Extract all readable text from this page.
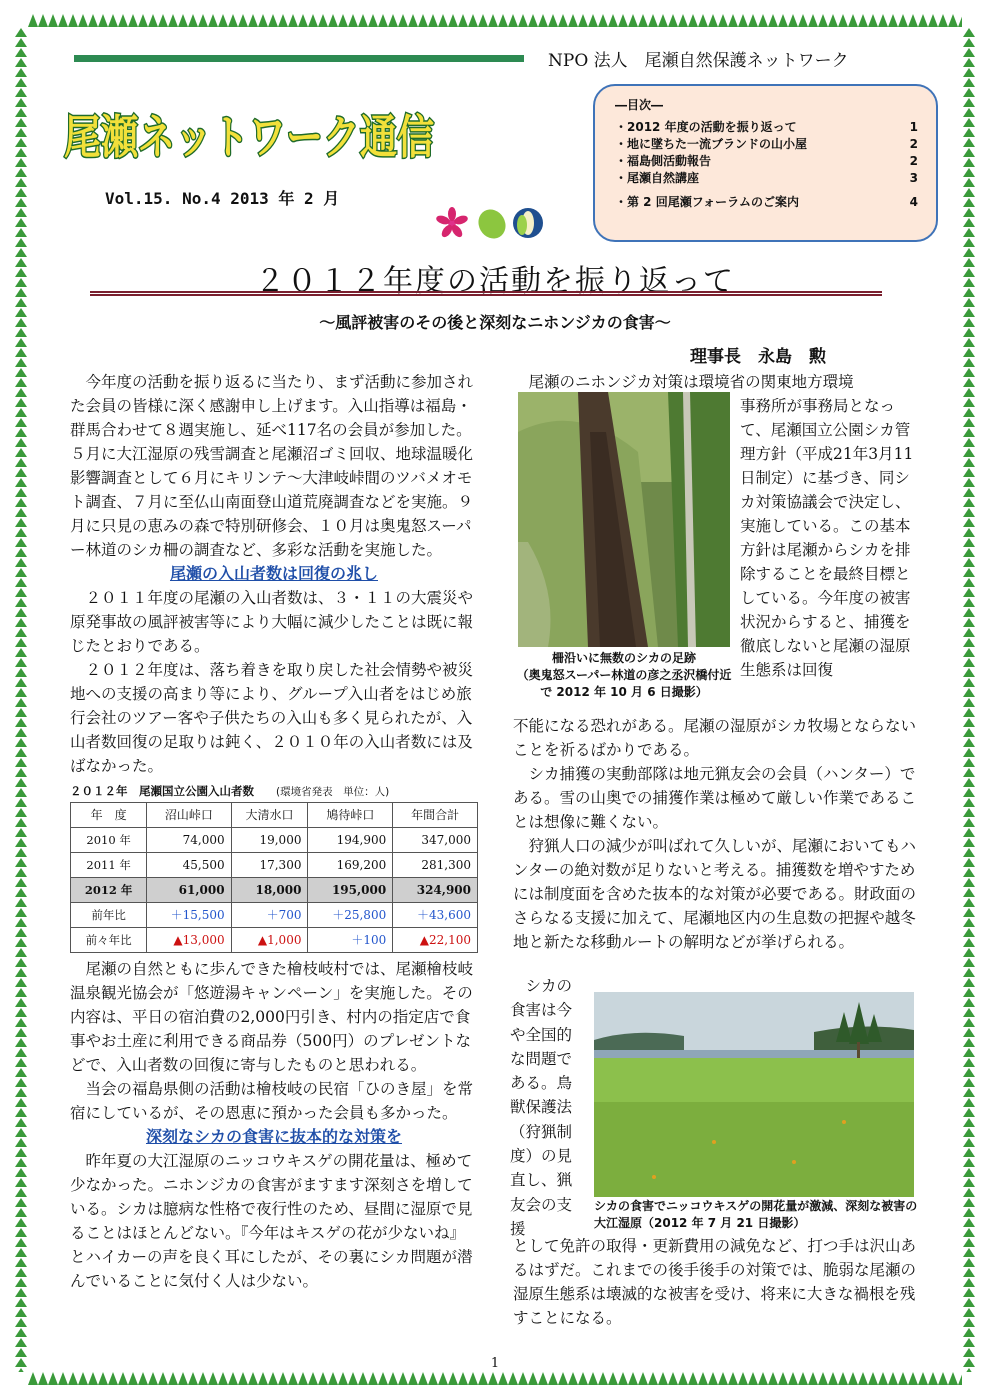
NPO 法人　尾瀬自然保護ネットワーク
尾瀬ネットワーク通信
Vol.15. No.4 2013 年 2 月
―目次―
・2012 年度の活動を振り返って	1
・地に墜ちた一流ブランドの山小屋	2
・福島側活動報告	2
・尾瀬自然講座	3
・第 2 回尾瀬フォーラムのご案内	4
２０１２年度の活動を振り返って
～風評被害のその後と深刻なニホンジカの食害～
理事長　永島　勲

今年度の活動を振り返るに当たり、まず活動に参加された会員の皆様に深く感謝申し上げます。入山指導は福島・群馬合わせて８週実施し、延べ117名の会員が参加した。５月に大江湿原の残雪調査と尾瀬沼ゴミ回収、地球温暖化影響調査として６月にキリンテ～大津岐峠間のツバメオモト調査、７月に至仏山南面登山道荒廃調査などを実施。９月に只見の恵みの森で特別研修会、１０月は奥鬼怒スーパー林道のシカ柵の調査など、多彩な活動を実施した。

尾瀬の入山者数は回復の兆し

２０１１年度の尾瀬の入山者数は、３・１１の大震災や原発事故の風評被害等により大幅に減少したことは既に報じたとおりである。

２０１２年度は、落ち着きを取り戻した社会情勢や被災地への支援の高まり等により、グループ入山者をはじめ旅行会社のツアー客や子供たちの入山も多く見られたが、入山者数回復の足取りは鈍く、２０１０年の入山者数には及ばなかった。

２０１２年　尾瀬国立公園入山者数 (環境省発表　単位：人)
年　度	沼山峠口	大清水口	鳩待峠口	年間合計
2010 年	74,000	19,000	194,900	347,000
2011 年	45,500	17,300	169,200	281,300
2012 年	61,000	18,000	195,000	324,900
前年比	＋15,500	＋700	＋25,800	＋43,600
前々年比	▲13,000	▲1,000	＋100	▲22,100

尾瀬の自然ともに歩んできた檜枝岐村では、尾瀬檜枝岐温泉観光協会が「悠遊湯キャンペーン」を実施した。その内容は、平日の宿泊費の2,000円引き、村内の指定店で食事やお土産に利用できる商品券（500円）のプレゼントなどで、入山者数の回復に寄与したものと思われる。

当会の福島県側の活動は檜枝岐の民宿「ひのき屋」を常宿にしているが、その恩恵に預かった会員も多かった。

深刻なシカの食害に抜本的な対策を

昨年夏の大江湿原のニッコウキスゲの開花量は、極めて少なかった。ニホンジカの食害がますます深刻さを増している。シカは臆病な性格で夜行性のため、昼間に湿原で見ることはほとんどない。『今年はキスゲの花が少ないね』とハイカーの声を良く耳にしたが、その裏にシカ問題が潜んでいることに気付く人は少ない。

尾瀬のニホンジカ対策は環境省の関東地方環境

柵沿いに無数のシカの足跡
（奥鬼怒スーパー林道の彦之丞沢橋付近で 2012 年 10 月 6 日撮影）
事務所が事務局となって、尾瀬国立公園シカ管理方針（平成21年3月11日制定）に基づき、同シカ対策協議会で決定し、実施している。この基本方針は尾瀬からシカを排除することを最終目標としている。今年度の被害状況からすると、捕獲を徹底しないと尾瀬の湿原生態系は回復
不能になる恐れがある。尾瀬の湿原がシカ牧場とならないことを祈るばかりである。

シカ捕獲の実動部隊は地元猟友会の会員（ハンター）である。雪の山奥での捕獲作業は極めて厳しい作業であることは想像に難くない。

狩猟人口の減少が叫ばれて久しいが、尾瀬においてもハンターの絶対数が足りないと考える。捕獲数を増やすためには制度面を含めた抜本的な対策が必要である。財政面のさらなる支援に加えて、尾瀬地区内の生息数の把握や越冬地と新たな移動ルートの解明などが挙げられる。

　シカの食害は今や全国的な問題である。鳥獣保護法（狩猟制度）の見直し、猟友会の支援
シカの食害でニッコウキスゲの開花量が激減、深刻な被害の大江湿原（2012 年 7 月 21 日撮影）
として免許の取得・更新費用の減免など、打つ手は沢山あるはずだ。これまでの後手後手の対策では、脆弱な尾瀬の湿原生態系は壊滅的な被害を受け、将来に大きな禍根を残すことになる。
1
